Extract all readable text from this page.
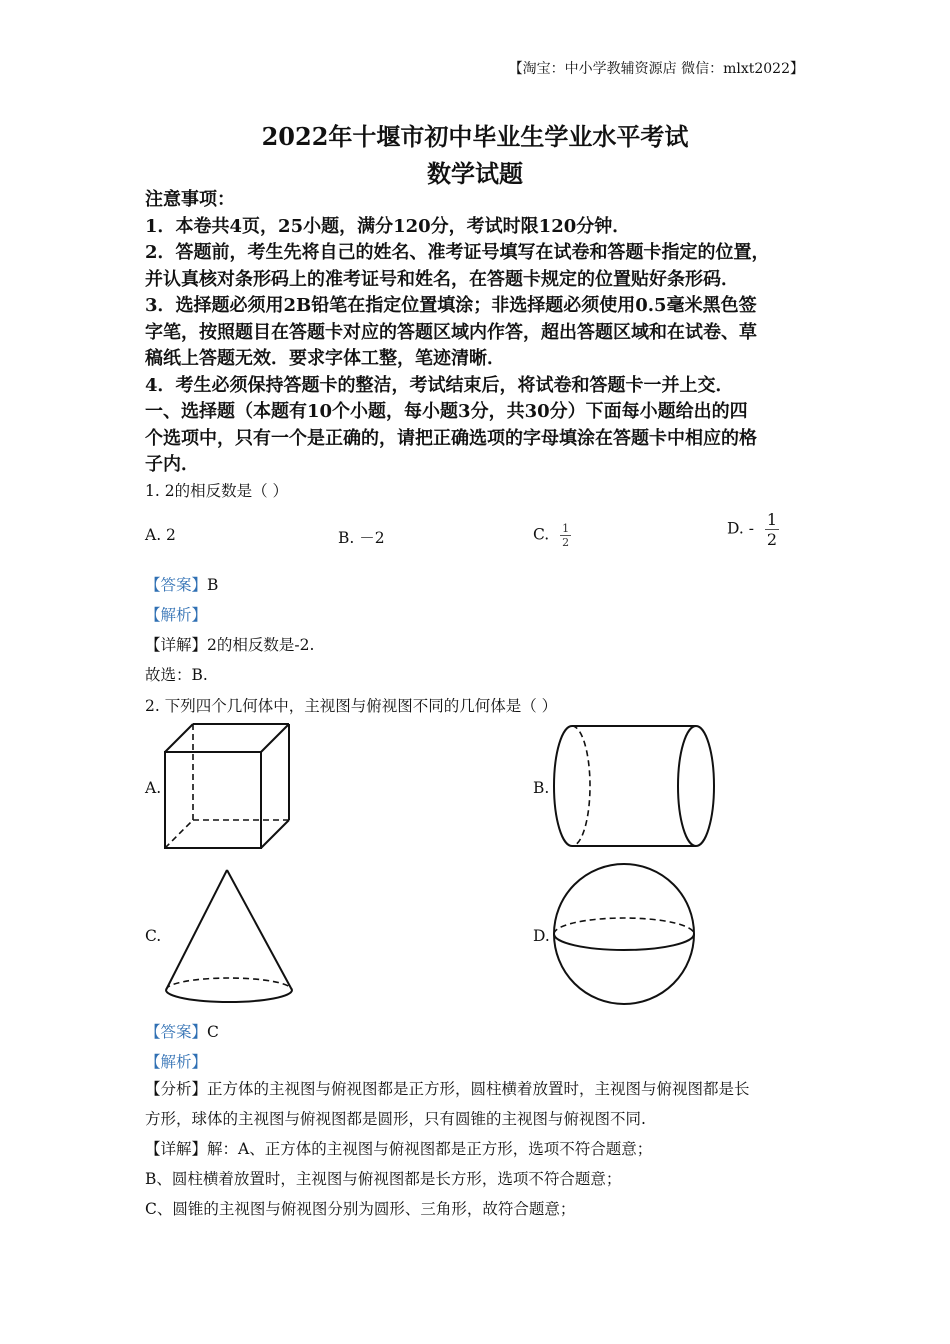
【淘宝：中小学教辅资源店 微信：mlxt2022】
2022年十堰市初中毕业生学业水平考试
数学试题

注意事项：

1．本卷共4页，25小题，满分120分，考试时限120分钟．

2．答题前，考生先将自己的姓名、准考证号填写在试卷和答题卡指定的位置，

并认真核对条形码上的准考证号和姓名，在答题卡规定的位置贴好条形码．

3．选择题必须用2B铅笔在指定位置填涂；非选择题必须使用0.5毫米黑色签

字笔，按照题目在答题卡对应的答题区域内作答，超出答题区域和在试卷、草

稿纸上答题无效．要求字体工整，笔迹清晰．

4．考生必须保持答题卡的整洁，考试结束后，将试卷和答题卡一并上交．

一、选择题（本题有10个小题，每小题3分，共30分）下面每小题给出的四

个选项中，只有一个是正确的，请把正确选项的字母填涂在答题卡中相应的格

子内．

1. 2的相反数是（ ）
A. 2	B. －2	C. $\frac{1}{2}$	D. - $\frac{1}{2}$
【答案】B
【解析】
【详解】2的相反数是-2.
故选：B.
2. 下列四个几何体中，主视图与俯视图不同的几何体是（ ）
A.	B.
C.	D.
【答案】C
【解析】
【分析】正方体的主视图与俯视图都是正方形，圆柱横着放置时，主视图与俯视图都是长
方形，球体的主视图与俯视图都是圆形，只有圆锥的主视图与俯视图不同.
【详解】解：A、正方体的主视图与俯视图都是正方形，选项不符合题意；
B、圆柱横着放置时，主视图与俯视图都是长方形，选项不符合题意；
C、圆锥的主视图与俯视图分别为圆形、三角形，故符合题意；
